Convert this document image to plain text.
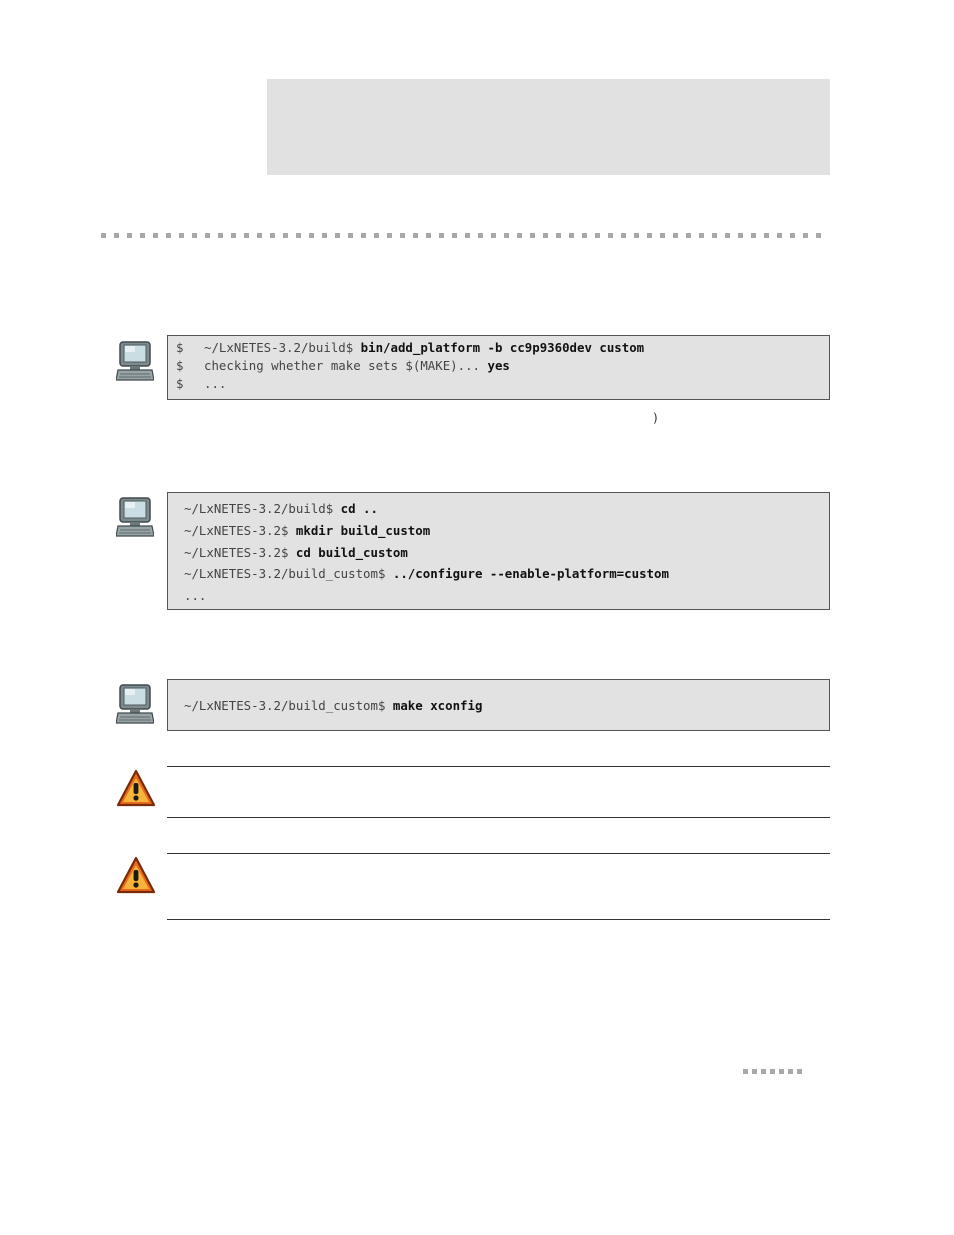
$ ~/LxNETES-3.2/build$ bin/add_platform -b cc9p9360dev custom
$ checking whether make sets $(MAKE)... yes
$ ...
)
~/LxNETES-3.2/build$ cd ..
~/LxNETES-3.2$ mkdir build_custom
~/LxNETES-3.2$ cd build_custom
~/LxNETES-3.2/build_custom$ ../configure --enable-platform=custom
...
~/LxNETES-3.2/build_custom$ make xconfig
